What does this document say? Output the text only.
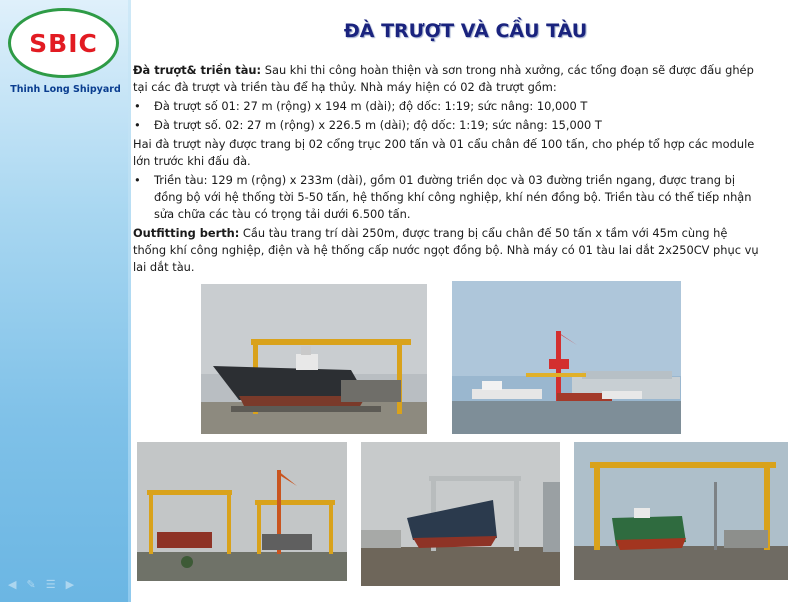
SBIC
Thinh Long Shipyard
◀ ✎ ☰ ▶
ĐÀ TRƯỢT VÀ CẦU TÀU

Đà trượt& triền tàu: Sau khi thi công hoàn thiện và sơn trong nhà xưởng, các tổng đoạn sẽ được đấu ghép tại các đà trượt và triền tàu để hạ thủy. Nhà máy hiện có 02 đà trượt gồm:

• Đà trượt số 01: 27 m (rộng) x 194 m (dài); độ dốc: 1:19; sức nâng: 10,000 T
• Đà trượt số. 02: 27 m (rộng) x 226.5 m (dài); độ dốc: 1:19; sức nâng: 15,000 T

Hai đà trượt này được trang bị 02 cổng trục 200 tấn và 01 cẩu chân đế 100 tấn, cho phép tổ hợp các module lớn trước khi đấu đà.

• Triền tàu: 129 m (rộng) x 233m (dài), gồm 01 đường triền dọc và 03 đường triền ngang, được trang bị đồng bộ với hệ thống tời 5-50 tấn, hệ thống khí công nghiệp, khí nén đồng bộ. Triền tàu có thể tiếp nhận sửa chữa các tàu có trọng tải dưới 6.500 tấn.

Outfitting berth: Cầu tàu trang trí dài 250m, được trang bị cẩu chân đế 50 tấn x tầm với 45m cùng hệ thống khí công nghiệp, điện và hệ thống cấp nước ngọt đồng bộ. Nhà máy có 01 tàu lai dắt 2x250CV phục vụ lai dắt tàu.
